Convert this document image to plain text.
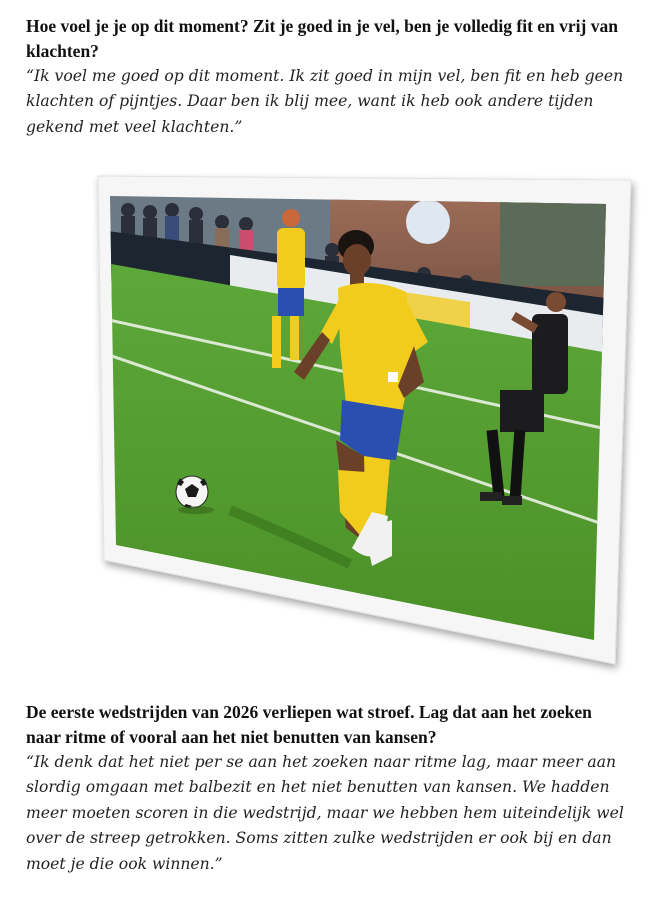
Hoe voel je je op dit moment? Zit je goed in je vel, ben je volledig fit en vrij van klachten?

“Ik voel me goed op dit moment. Ik zit goed in mijn vel, ben fit en heb geen klachten of pijntjes. Daar ben ik blij mee, want ik heb ook andere tijden gekend met veel klachten.”

De eerste wedstrijden van 2026 verliepen wat stroef. Lag dat aan het zoeken naar ritme of vooral aan het niet benutten van kansen?

“Ik denk dat het niet per se aan het zoeken naar ritme lag, maar meer aan slordig omgaan met balbezit en het niet benutten van kansen. We hadden meer moeten scoren in die wedstrijd, maar we hebben hem uiteindelijk wel over de streep getrokken. Soms zitten zulke wedstrijden er ook bij en dan moet je die ook winnen.”
